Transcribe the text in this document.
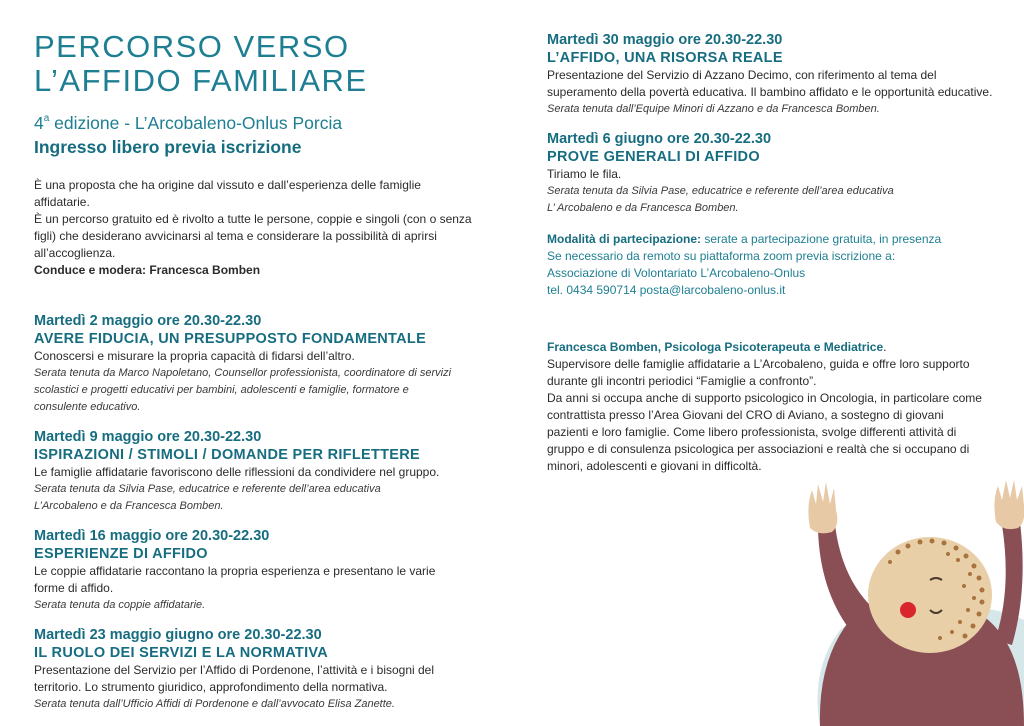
PERCORSO VERSO
L’AFFIDO FAMILIARE
4$^a$ edizione - L’Arcobaleno-Onlus Porcia
Ingresso libero previa iscrizione
È una proposta che ha origine dal vissuto e dall’esperienza delle famiglie affidatarie.
È un percorso gratuito ed è rivolto a tutte le persone, coppie e singoli (con o senza
figli) che desiderano avvicinarsi al tema e considerare la possibilità di aprirsi
all’accoglienza.
Conduce e modera: Francesca Bomben
Martedì 2 maggio ore 20.30-22.30
AVERE FIDUCIA, UN PRESUPPOSTO FONDAMENTALE
Conoscersi e misurare la propria capacità di fidarsi dell’altro.
Serata tenuta da Marco Napoletano, Counsellor professionista, coordinatore di servizi
scolastici e progetti educativi per bambini, adolescenti e famiglie, formatore e
consulente educativo.
Martedì 9 maggio ore 20.30-22.30
ISPIRAZIONI / STIMOLI / DOMANDE PER RIFLETTERE
Le famiglie affidatarie favoriscono delle riflessioni da condividere nel gruppo.
Serata tenuta da Silvia Pase, educatrice e referente dell’area educativa
L’Arcobaleno e da Francesca Bomben.
Martedì 16 maggio ore 20.30-22.30
ESPERIENZE DI AFFIDO
Le coppie affidatarie raccontano la propria esperienza e presentano le varie
forme di affido.
Serata tenuta da coppie affidatarie.
Martedì 23 maggio giugno ore 20.30-22.30
IL RUOLO DEI SERVIZI E LA NORMATIVA
Presentazione del Servizio per l’Affido di Pordenone, l’attività e i bisogni del
territorio. Lo strumento giuridico, approfondimento della normativa.
Serata tenuta dall’Ufficio Affidi di Pordenone e dall’avvocato Elisa Zanette.
Martedì 30 maggio ore 20.30-22.30
L’AFFIDO, UNA RISORSA REALE
Presentazione del Servizio di Azzano Decimo, con riferimento al tema del
superamento della povertà educativa. Il bambino affidato e le opportunità educative.
Serata tenuta dall’Equipe Minori di Azzano e da Francesca Bomben.
Martedì 6 giugno ore 20.30-22.30
PROVE GENERALI DI AFFIDO
Tiriamo le fila.
Serata tenuta da Silvia Pase, educatrice e referente dell’area educativa
L’ Arcobaleno e da Francesca Bomben.
Modalità di partecipazione: serate a partecipazione gratuita, in presenza
Se necessario da remoto su piattaforma zoom previa iscrizione a:
Associazione di Volontariato L’Arcobaleno-Onlus
tel. 0434 590714 posta@larcobaleno-onlus.it
Francesca Bomben, Psicologa Psicoterapeuta e Mediatrice.
Supervisore delle famiglie affidatarie a L’Arcobaleno, guida e offre loro supporto
durante gli incontri periodici “Famiglie a confronto”.
Da anni si occupa anche di supporto psicologico in Oncologia, in particolare come
contrattista presso l’Area Giovani del CRO di Aviano, a sostegno di giovani
pazienti e loro famiglie. Come libero professionista, svolge differenti attività di
gruppo e di consulenza psicologica per associazioni e realtà che si occupano di
minori, adolescenti e giovani in difficoltà.
